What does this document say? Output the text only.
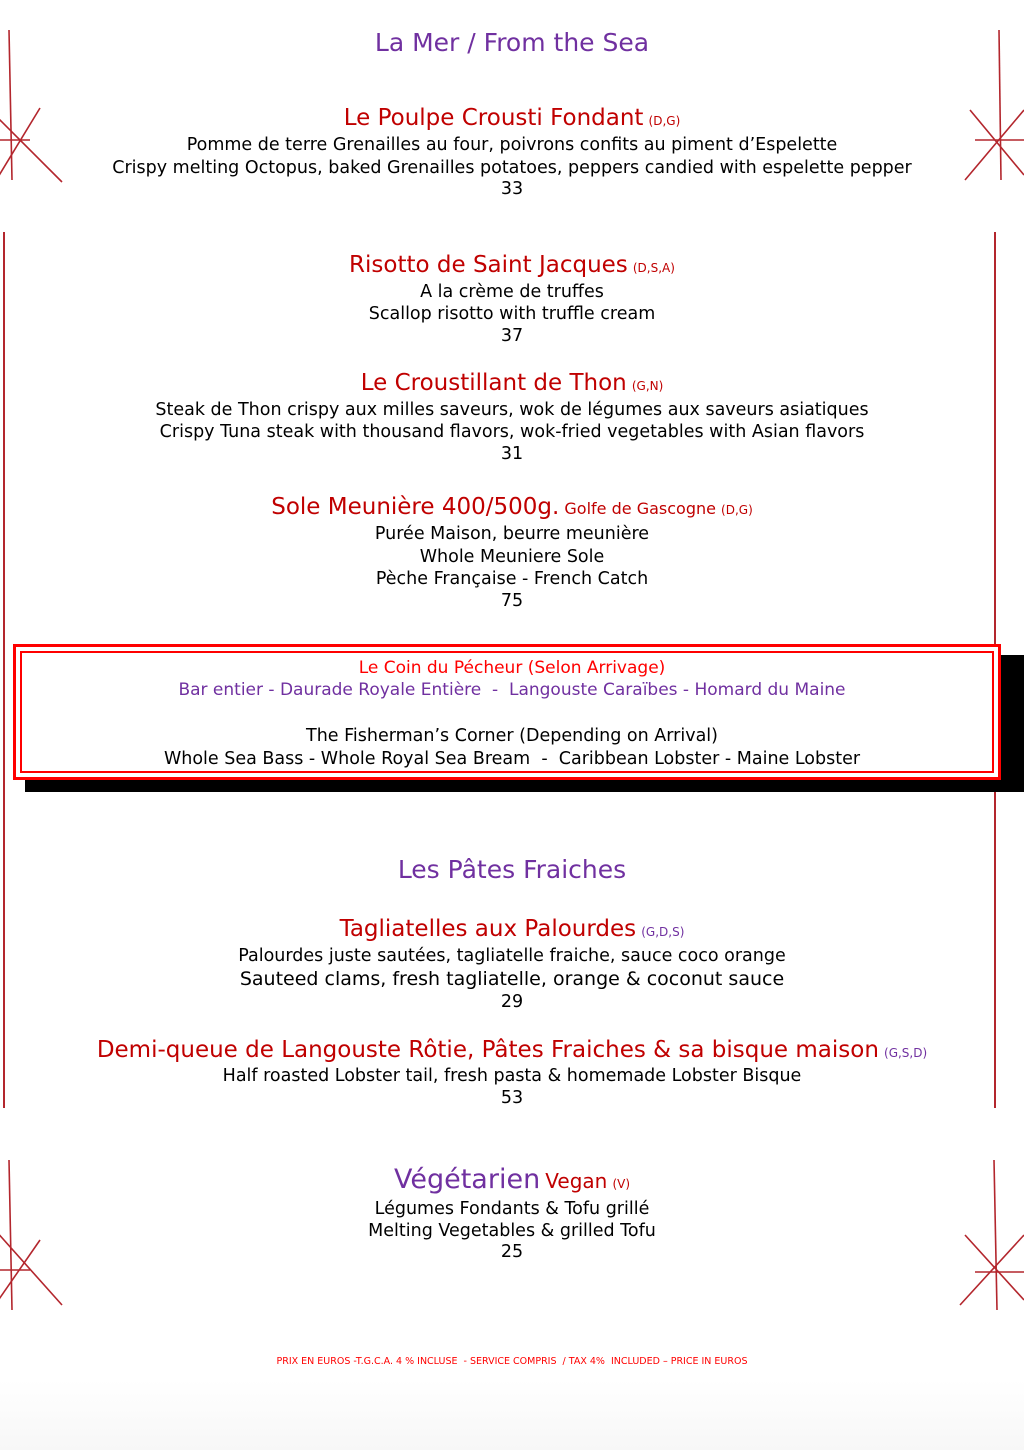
La Mer / From the Sea
Le Poulpe Crousti Fondant (D,G)
Pomme de terre Grenailles au four, poivrons confits au piment d’Espelette
Crispy melting Octopus, baked Grenailles potatoes, peppers candied with espelette pepper
33
Risotto de Saint Jacques (D,S,A)
A la crème de truffes
Scallop risotto with truffle cream
37
Le Croustillant de Thon (G,N)
Steak de Thon crispy aux milles saveurs, wok de légumes aux saveurs asiatiques
Crispy Tuna steak with thousand flavors, wok-fried vegetables with Asian flavors
31
Sole Meunière 400/500g. Golfe de Gascogne (D,G)
Purée Maison, beurre meunière
Whole Meuniere Sole
Pèche Française - French Catch
75
Le Coin du Pécheur (Selon Arrivage)
Bar entier - Daurade Royale Entière  -  Langouste Caraïbes - Homard du Maine
The Fisherman’s Corner (Depending on Arrival)
Whole Sea Bass - Whole Royal Sea Bream  -  Caribbean Lobster - Maine Lobster
Les Pâtes Fraiches
Tagliatelles aux Palourdes (G,D,S)
Palourdes juste sautées, tagliatelle fraiche, sauce coco orange
Sauteed clams, fresh tagliatelle, orange & coconut sauce
29
Demi-queue de Langouste Rôtie, Pâtes Fraiches & sa bisque maison (G,S,D)
Half roasted Lobster tail, fresh pasta & homemade Lobster Bisque
53
Végétarien Vegan (V)
Légumes Fondants & Tofu grillé
Melting Vegetables & grilled Tofu
25
PRIX EN EUROS -T.G.C.A. 4 % INCLUSE  - SERVICE COMPRIS  / TAX 4%  INCLUDED – PRICE IN EUROS
